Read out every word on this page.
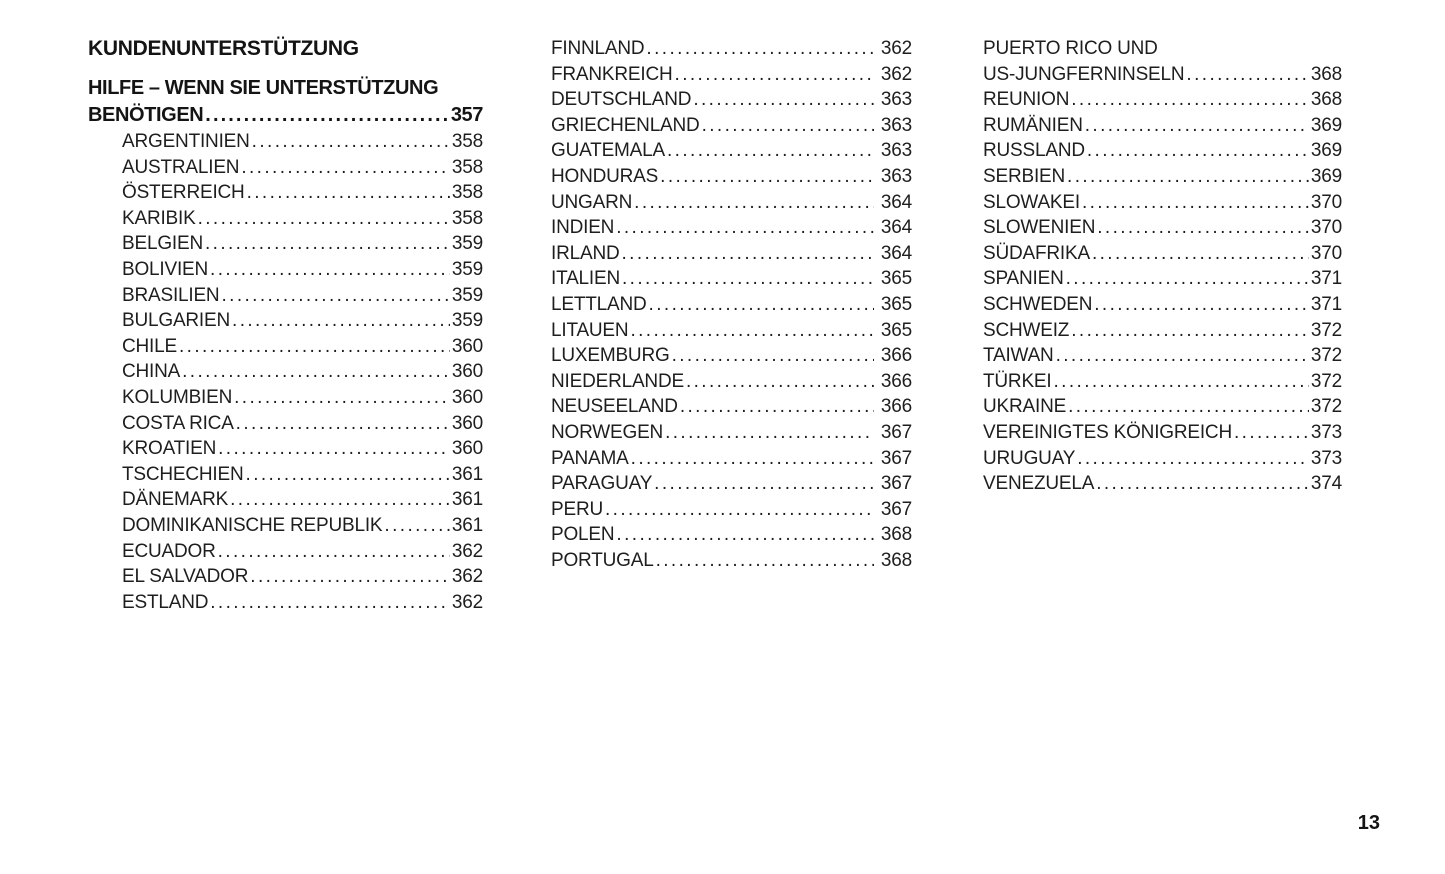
KUNDENUNTERSTÜTZUNG
HILFE – WENN SIE UNTERSTÜTZUNG
BENÖTIGEN .....	357
ARGENTINIEN .....	358
AUSTRALIEN .....	358
ÖSTERREICH .....	358
KARIBIK .....	358
BELGIEN .....	359
BOLIVIEN .....	359
BRASILIEN .....	359
BULGARIEN .....	359
CHILE .....	360
CHINA .....	360
KOLUMBIEN .....	360
COSTA RICA .....	360
KROATIEN .....	360
TSCHECHIEN .....	361
DÄNEMARK .....	361
DOMINIKANISCHE REPUBLIK .....	361
ECUADOR .....	362
EL SALVADOR .....	362
ESTLAND .....	362
FINNLAND .....	362
FRANKREICH .....	362
DEUTSCHLAND .....	363
GRIECHENLAND .....	363
GUATEMALA .....	363
HONDURAS .....	363
UNGARN .....	364
INDIEN .....	364
IRLAND .....	364
ITALIEN .....	365
LETTLAND .....	365
LITAUEN .....	365
LUXEMBURG .....	366
NIEDERLANDE .....	366
NEUSEELAND .....	366
NORWEGEN .....	367
PANAMA .....	367
PARAGUAY .....	367
PERU .....	367
POLEN .....	368
PORTUGAL .....	368
PUERTO RICO UND
US-JUNGFERNINSELN .....	368
REUNION .....	368
RUMÄNIEN .....	369
RUSSLAND .....	369
SERBIEN .....	369
SLOWAKEI .....	370
SLOWENIEN .....	370
SÜDAFRIKA .....	370
SPANIEN .....	371
SCHWEDEN .....	371
SCHWEIZ .....	372
TAIWAN .....	372
TÜRKEI .....	372
UKRAINE .....	372
VEREINIGTES KÖNIGREICH .....	373
URUGUAY .....	373
VENEZUELA .....	374
13
